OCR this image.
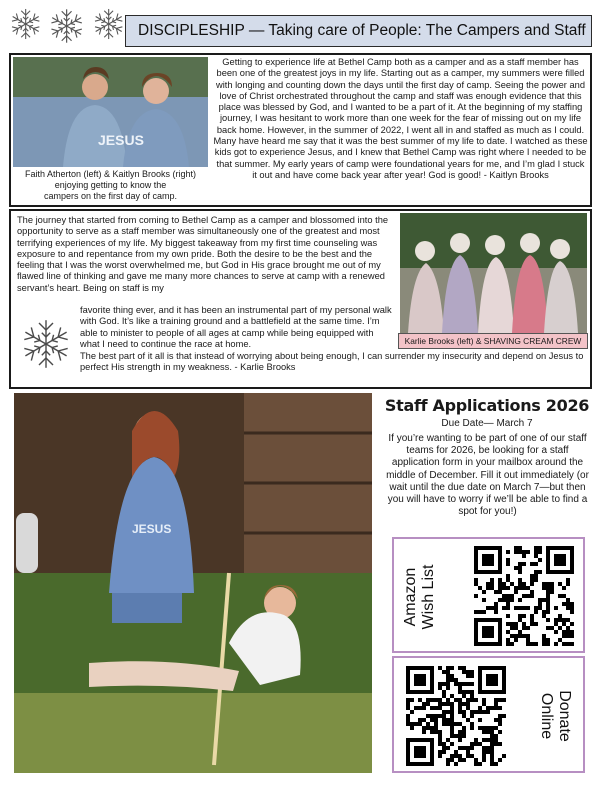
DISCIPLESHIP — Taking care of People: The Campers and Staff
JESUS
Faith Atherton (left) & Kaitlyn Brooks (right)
enjoying getting to know the
campers on the first day of camp.
Getting to experience life at Bethel Camp both as a camper and as a staff member has been one of the greatest joys in my life. Starting out as a camper, my summers were filled with longing and counting down the days until the first day of camp. Seeing the power and love of Christ orchestrated throughout the camp and staff was enough evidence that this place was blessed by God, and I wanted to be a part of it. At the beginning of my staffing journey, I was hesitant to work more than one week for the fear of missing out on my life back home. However, in the summer of 2022, I went all in and staffed as much as I could. Many have heard me say that it was the best summer of my life to date. I watched as these kids got to experience Jesus, and I knew that Bethel Camp was right where I needed to be that summer. My early years of camp were foundational years for me, and I’m glad I stuck it out and have come back year after year! God is good! - Kaitlyn Brooks
The journey that started from coming to Bethel Camp as a camper and blossomed into the opportunity to serve as a staff member was simultaneously one of the greatest and most terrifying experiences of my life. My biggest takeaway from my first time counseling was exposure to and repentance from my own pride. Both the desire to be the best and the feeling that I was the worst overwhelmed me, but God in His grace brought me out of my flawed line of thinking and gave me many more chances to serve at camp with a renewed servant’s heart. Being on staff is my
favorite thing ever, and it has been an instrumental part of my personal walk with God. It’s like a training ground and a battlefield at the same time. I’m able to minister to people of all ages at camp while being equipped with what I need to continue the race at home.
The best part of it all is that instead of worrying about being enough, I can surrender my insecurity and depend on Jesus to perfect His strength in my weakness. - Karlie Brooks
Karlie Brooks (left) & SHAVING CREAM CREW
JESUS
Staff Applications 2026
Due Date— March 7
If you’re wanting to be part of one of our staff teams for 2026, be looking for a staff application form in your mailbox around the middle of December. Fill it out immediately (or wait until the due date on March 7—but then you will have to worry if we’ll be able to find a spot for you!)

Amazon
Wish List

Donate
Online
